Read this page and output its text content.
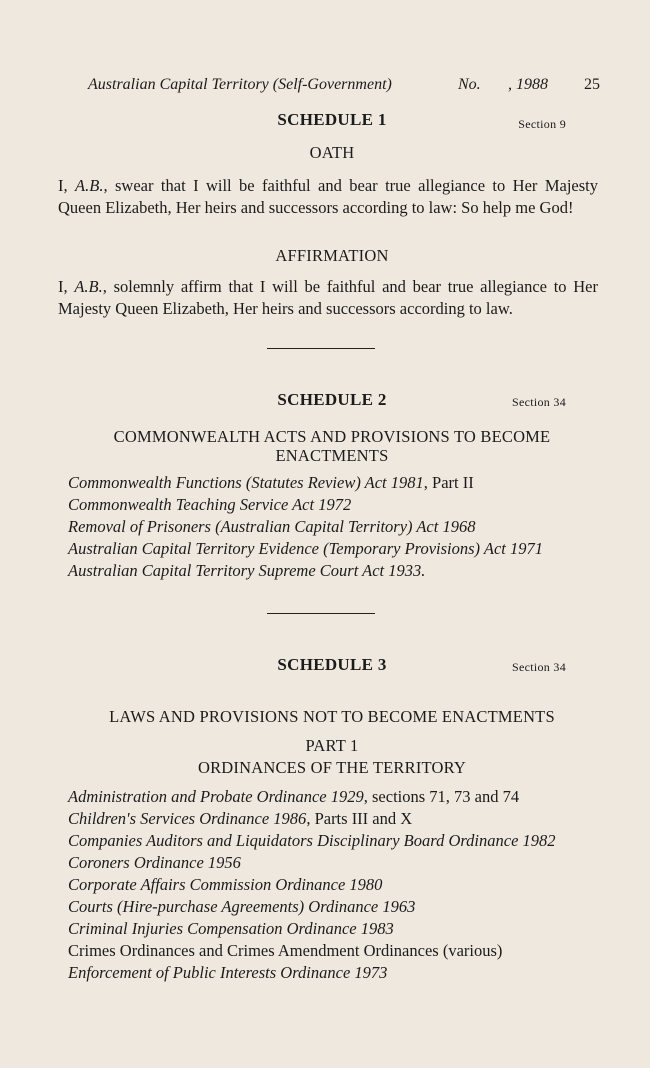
Australian Capital Territory (Self-Government)	No. , 1988 25
SCHEDULE 1	Section 9
OATH
I, A.B., swear that I will be faithful and bear true allegiance to Her Majesty Queen Elizabeth, Her heirs and successors according to law: So help me God!
AFFIRMATION
I, A.B., solemnly affirm that I will be faithful and bear true allegiance to Her Majesty Queen Elizabeth, Her heirs and successors according to law.
SCHEDULE 2	Section 34
COMMONWEALTH ACTS AND PROVISIONS TO BECOME
ENACTMENTS

Commonwealth Functions (Statutes Review) Act 1981, Part II

Commonwealth Teaching Service Act 1972

Removal of Prisoners (Australian Capital Territory) Act 1968

Australian Capital Territory Evidence (Temporary Provisions) Act 1971

Australian Capital Territory Supreme Court Act 1933.

SCHEDULE 3	Section 34
LAWS AND PROVISIONS NOT TO BECOME ENACTMENTS
PART 1
ORDINANCES OF THE TERRITORY

Administration and Probate Ordinance 1929, sections 71, 73 and 74

Children's Services Ordinance 1986, Parts III and X

Companies Auditors and Liquidators Disciplinary Board Ordinance 1982

Coroners Ordinance 1956

Corporate Affairs Commission Ordinance 1980

Courts (Hire-purchase Agreements) Ordinance 1963

Criminal Injuries Compensation Ordinance 1983

Crimes Ordinances and Crimes Amendment Ordinances (various)

Enforcement of Public Interests Ordinance 1973
